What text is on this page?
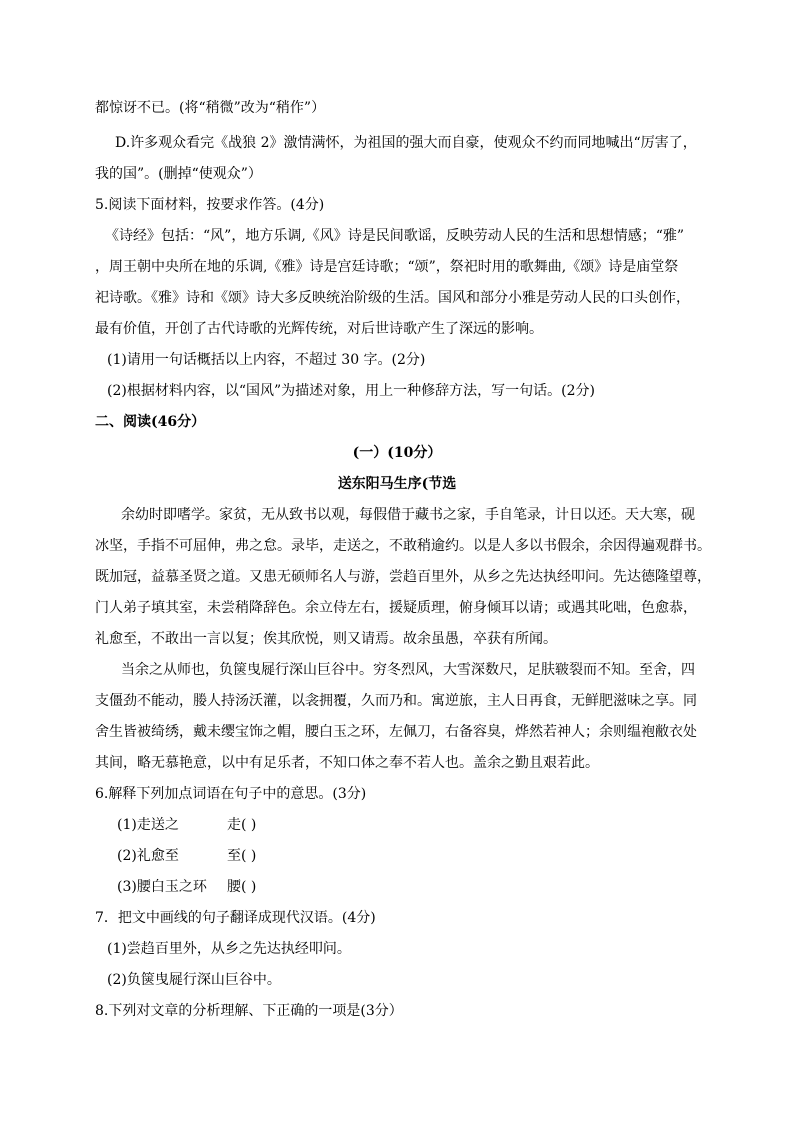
都惊讶不已。(将“稍微”改为“稍作”）
D.许多观众看完《战狼 2》激情满怀，为祖国的强大而自豪，使观众不约而同地喊出“厉害了，
我的国”。(删掉“使观众”）
5.阅读下面材料，按要求作答。(4分)
《诗经》包括：“风”，地方乐调,《风》诗是民间歌谣，反映劳动人民的生活和思想情感；“雅”
，周王朝中央所在地的乐调,《雅》诗是宫廷诗歌；“颂”，祭祀时用的歌舞曲,《颂》诗是庙堂祭
祀诗歌。《雅》诗和《颂》诗大多反映统治阶级的生活。国风和部分小雅是劳动人民的口头创作，
最有价值，开创了古代诗歌的光辉传统，对后世诗歌产生了深远的影响。
(1)请用一句话概括以上内容，不超过 30 字。(2分)
(2)根据材料内容，以“国风”为描述对象，用上一种修辞方法，写一句话。(2分)
二、阅读(46分）
(一）(10分）
送东阳马生序(节选
余幼时即嗜学。家贫，无从致书以观，每假借于藏书之家，手自笔录，计日以还。天大寒，砚
冰坚，手指不可屈伸，弗之怠。录毕，走送之，不敢稍逾约。以是人多以书假余，余因得遍观群书。
既加冠，益慕圣贤之道。又患无硕师名人与游，尝趋百里外，从乡之先达执经叩问。先达德隆望尊，
门人弟子填其室，未尝稍降辞色。余立侍左右，援疑质理，俯身倾耳以请；或遇其叱咄，色愈恭，
礼愈至，不敢出一言以复；俟其欣悦，则又请焉。故余虽愚，卒获有所闻。
当余之从师也，负箧曳屣行深山巨谷中。穷冬烈风，大雪深数尺，足肤皲裂而不知。至舍，四
支僵劲不能动，媵人持汤沃灌，以衾拥覆，久而乃和。寓逆旅，主人日再食，无鲜肥滋味之享。同
舍生皆被绮绣，戴未缨宝饰之帽，腰白玉之环，左佩刀，右备容臭，烨然若神人；余则缊袍敝衣处
其间，略无慕艳意，以中有足乐者，不知口体之奉不若人也。盖余之勤且艰若此。
6.解释下列加点词语在句子中的意思。(3分)
(1)走送之	走( )
(2)礼愈至	至( )
(3)腰白玉之环 腰( )
7．把文中画线的句子翻译成现代汉语。(4分)
(1)尝趋百里外，从乡之先达执经叩问。
(2)负箧曳屣行深山巨谷中。
8.下列对文章的分析理解、下正确的一项是(3分）
